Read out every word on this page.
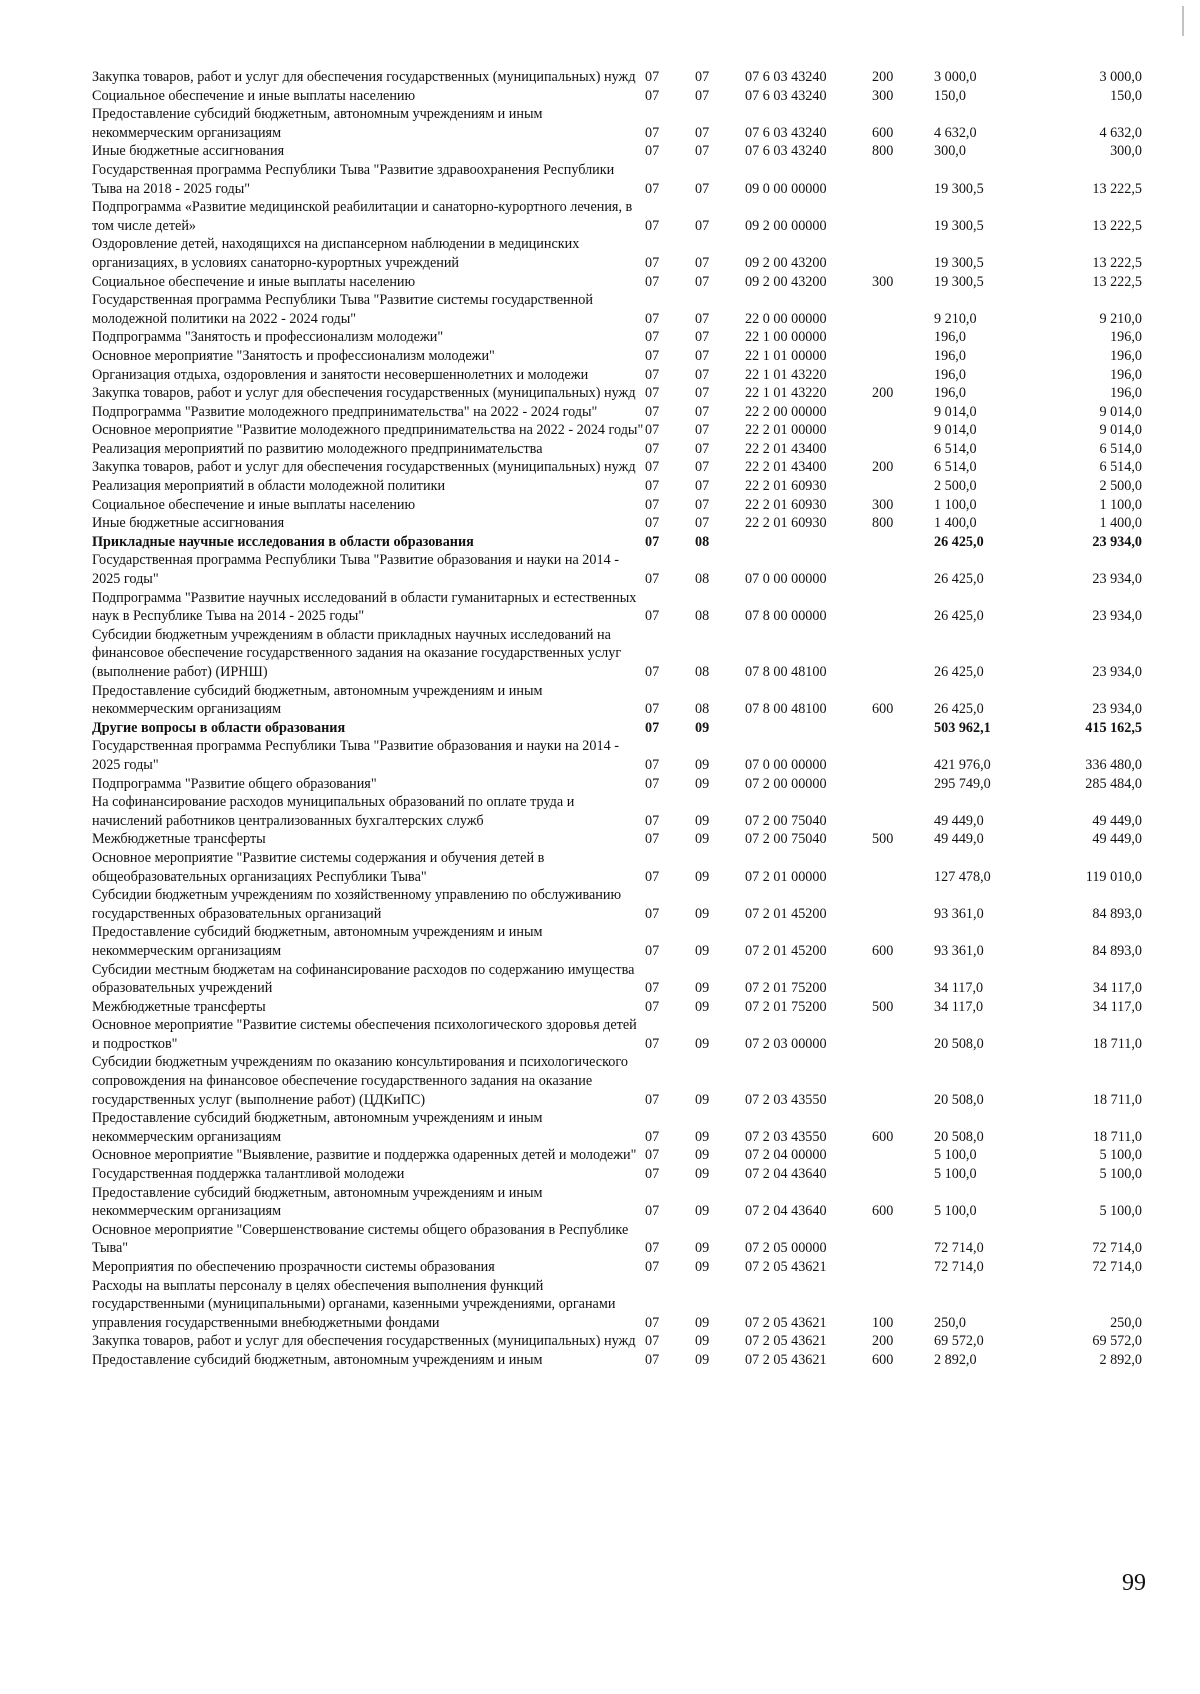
Закупка товаров, работ и услуг для обеспечения государственных (муниципальных) нужд	07	07	07 6 03 43240	200	3 000,0	3 000,0
Социальное обеспечение и иные выплаты населению	07	07	07 6 03 43240	300	150,0	150,0
Предоставление субсидий бюджетным, автономным учреждениям и иным некоммерческим организациям	07	07	07 6 03 43240	600	4 632,0	4 632,0
Иные бюджетные ассигнования	07	07	07 6 03 43240	800	300,0	300,0
Государственная программа Республики Тыва "Развитие здравоохранения Республики Тыва на 2018 - 2025 годы"	07	07	09 0 00 00000		19 300,5	13 222,5
Подпрограмма «Развитие медицинской реабилитации и санаторно-курортного лечения, в том числе детей»	07	07	09 2 00 00000		19 300,5	13 222,5
Оздоровление детей, находящихся на диспансерном наблюдении в медицинских организациях, в условиях санаторно-курортных учреждений	07	07	09 2 00 43200		19 300,5	13 222,5
Социальное обеспечение и иные выплаты населению	07	07	09 2 00 43200	300	19 300,5	13 222,5
Государственная программа Республики Тыва "Развитие системы государственной молодежной политики на 2022 - 2024 годы"	07	07	22 0 00 00000		9 210,0	9 210,0
Подпрограмма "Занятость и профессионализм молодежи"	07	07	22 1 00 00000		196,0	196,0
Основное мероприятие "Занятость и профессионализм молодежи"	07	07	22 1 01 00000		196,0	196,0
Организация отдыха, оздоровления и занятости несовершеннолетних и молодежи	07	07	22 1 01 43220		196,0	196,0
Закупка товаров, работ и услуг для обеспечения государственных (муниципальных) нужд	07	07	22 1 01 43220	200	196,0	196,0
Подпрограмма "Развитие молодежного предпринимательства" на 2022 - 2024 годы"	07	07	22 2 00 00000		9 014,0	9 014,0
Основное мероприятие "Развитие молодежного предпринимательства на 2022 - 2024 годы"	07	07	22 2 01 00000		9 014,0	9 014,0
Реализация мероприятий по развитию молодежного предпринимательства	07	07	22 2 01 43400		6 514,0	6 514,0
Закупка товаров, работ и услуг для обеспечения государственных (муниципальных) нужд	07	07	22 2 01 43400	200	6 514,0	6 514,0
Реализация мероприятий в области молодежной политики	07	07	22 2 01 60930		2 500,0	2 500,0
Социальное обеспечение и иные выплаты населению	07	07	22 2 01 60930	300	1 100,0	1 100,0
Иные бюджетные ассигнования	07	07	22 2 01 60930	800	1 400,0	1 400,0
Прикладные научные исследования в области образования	07	08			26 425,0	23 934,0
Государственная программа Республики Тыва "Развитие образования и науки на 2014 - 2025 годы"	07	08	07 0 00 00000		26 425,0	23 934,0
Подпрограмма "Развитие научных исследований в области гуманитарных и естественных наук в Республике Тыва на 2014 - 2025 годы"	07	08	07 8 00 00000		26 425,0	23 934,0
Субсидии бюджетным учреждениям в области прикладных научных исследований на финансовое обеспечение государственного задания на оказание государственных услуг (выполнение работ) (ИРНШ)	07	08	07 8 00 48100		26 425,0	23 934,0
Предоставление субсидий бюджетным, автономным учреждениям и иным некоммерческим организациям	07	08	07 8 00 48100	600	26 425,0	23 934,0
Другие вопросы в области образования	07	09			503 962,1	415 162,5
Государственная программа Республики Тыва "Развитие образования и науки на 2014 - 2025 годы"	07	09	07 0 00 00000		421 976,0	336 480,0
Подпрограмма "Развитие общего образования"	07	09	07 2 00 00000		295 749,0	285 484,0
На софинансирование расходов муниципальных образований по оплате труда и начислений работников централизованных бухгалтерских служб	07	09	07 2 00 75040		49 449,0	49 449,0
Межбюджетные трансферты	07	09	07 2 00 75040	500	49 449,0	49 449,0
Основное мероприятие "Развитие системы содержания и обучения детей в общеобразовательных организациях Республики Тыва"	07	09	07 2 01 00000		127 478,0	119 010,0
Субсидии бюджетным учреждениям по хозяйственному управлению по обслуживанию государственных образовательных организаций	07	09	07 2 01 45200		93 361,0	84 893,0
Предоставление субсидий бюджетным, автономным учреждениям и иным некоммерческим организациям	07	09	07 2 01 45200	600	93 361,0	84 893,0
Субсидии местным бюджетам на софинансирование расходов по содержанию имущества образовательных учреждений	07	09	07 2 01 75200		34 117,0	34 117,0
Межбюджетные трансферты	07	09	07 2 01 75200	500	34 117,0	34 117,0
Основное мероприятие "Развитие системы обеспечения психологического здоровья детей и подростков"	07	09	07 2 03 00000		20 508,0	18 711,0
Субсидии бюджетным учреждениям по оказанию консультирования и психологического сопровождения на финансовое обеспечение государственного задания на оказание государственных услуг (выполнение работ) (ЦДКиПС)	07	09	07 2 03 43550		20 508,0	18 711,0
Предоставление субсидий бюджетным, автономным учреждениям и иным некоммерческим организациям	07	09	07 2 03 43550	600	20 508,0	18 711,0
Основное мероприятие "Выявление, развитие и поддержка одаренных детей и молодежи"	07	09	07 2 04 00000		5 100,0	5 100,0
Государственная поддержка талантливой молодежи	07	09	07 2 04 43640		5 100,0	5 100,0
Предоставление субсидий бюджетным, автономным учреждениям и иным некоммерческим организациям	07	09	07 2 04 43640	600	5 100,0	5 100,0
Основное мероприятие "Совершенствование системы общего образования в Республике Тыва"	07	09	07 2 05 00000		72 714,0	72 714,0
Мероприятия по обеспечению прозрачности системы образования	07	09	07 2 05 43621		72 714,0	72 714,0
Расходы на выплаты персоналу в целях обеспечения выполнения функций государственными (муниципальными) органами, казенными учреждениями, органами управления государственными внебюджетными фондами	07	09	07 2 05 43621	100	250,0	250,0
Закупка товаров, работ и услуг для обеспечения государственных (муниципальных) нужд	07	09	07 2 05 43621	200	69 572,0	69 572,0
Предоставление субсидий бюджетным, автономным учреждениям и иным	07	09	07 2 05 43621	600	2 892,0	2 892,0
99
